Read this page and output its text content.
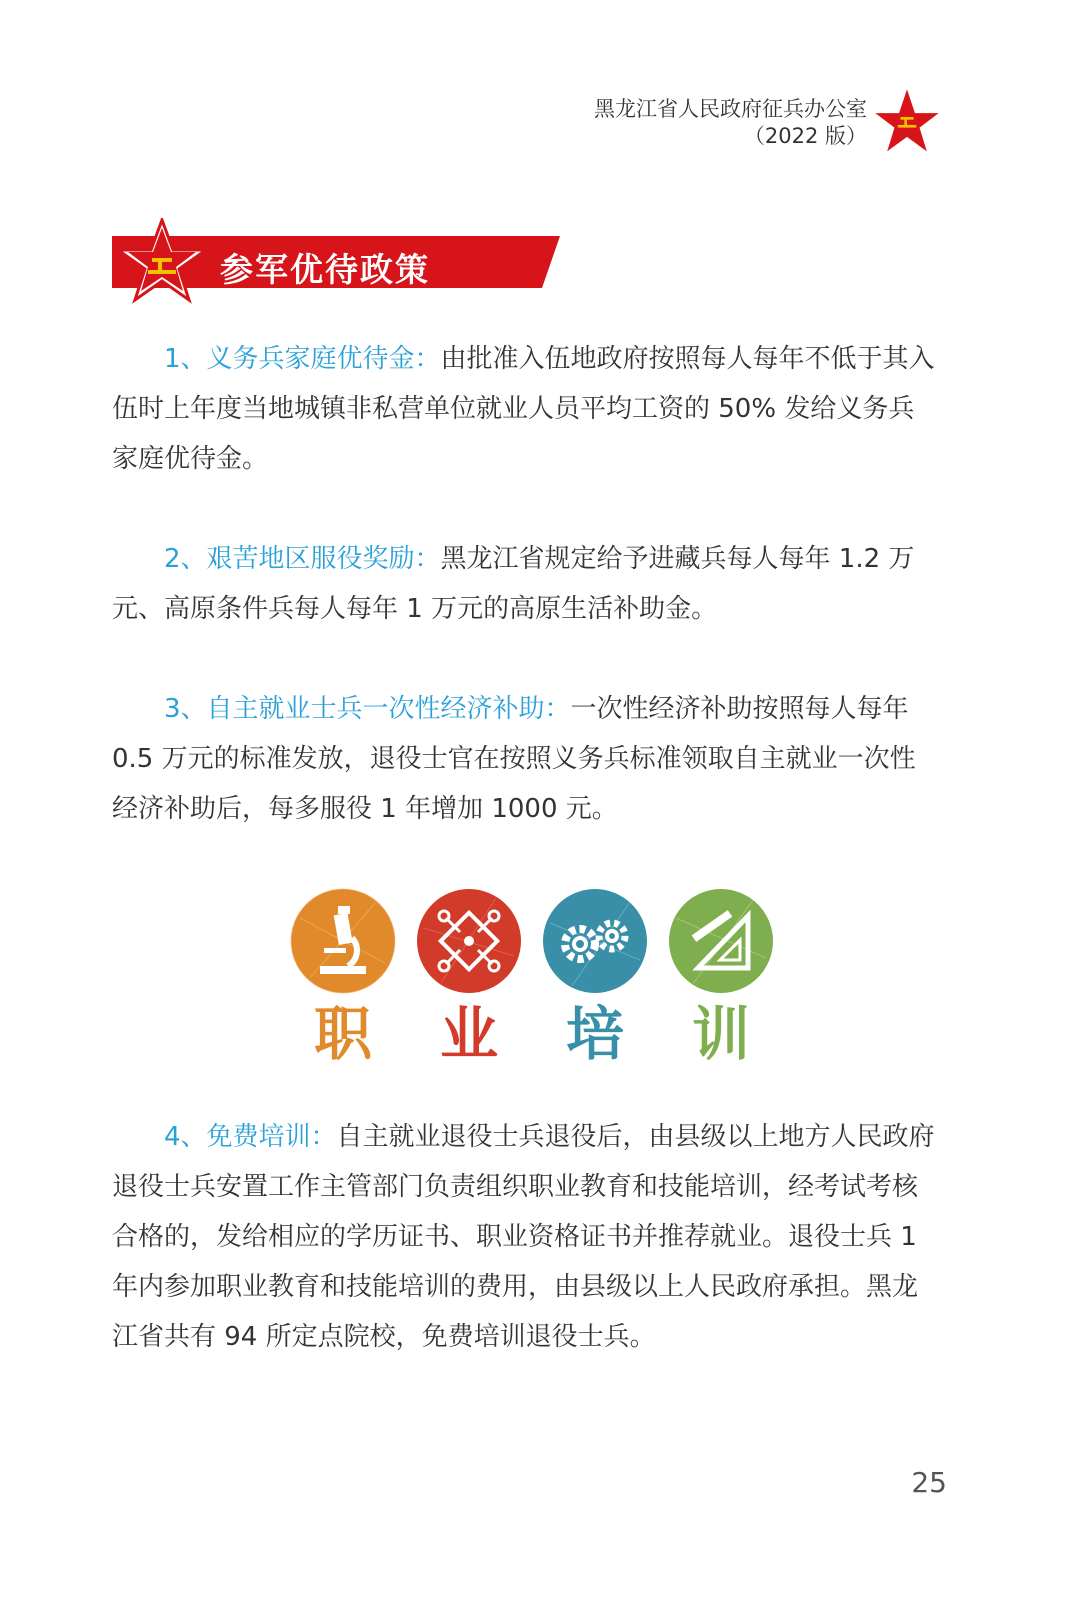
黑龙江省人民政府征兵办公室
（2022 版）
参军优待政策

1、义务兵家庭优待金：由批准入伍地政府按照每人每年不低于其入伍时上年度当地城镇非私营单位就业人员平均工资的 50% 发给义务兵家庭优待金。

2、艰苦地区服役奖励：黑龙江省规定给予进藏兵每人每年 1.2 万元、高原条件兵每人每年 1 万元的高原生活补助金。

3、自主就业士兵一次性经济补助：一次性经济补助按照每人每年 0.5 万元的标准发放，退役士官在按照义务兵标准领取自主就业一次性经济补助后，每多服役 1 年增加 1000 元。

职	业	培	训

4、免费培训：自主就业退役士兵退役后，由县级以上地方人民政府退役士兵安置工作主管部门负责组织职业教育和技能培训，经考试考核合格的，发给相应的学历证书、职业资格证书并推荐就业。退役士兵 1 年内参加职业教育和技能培训的费用，由县级以上人民政府承担。黑龙江省共有 94 所定点院校，免费培训退役士兵。

25
